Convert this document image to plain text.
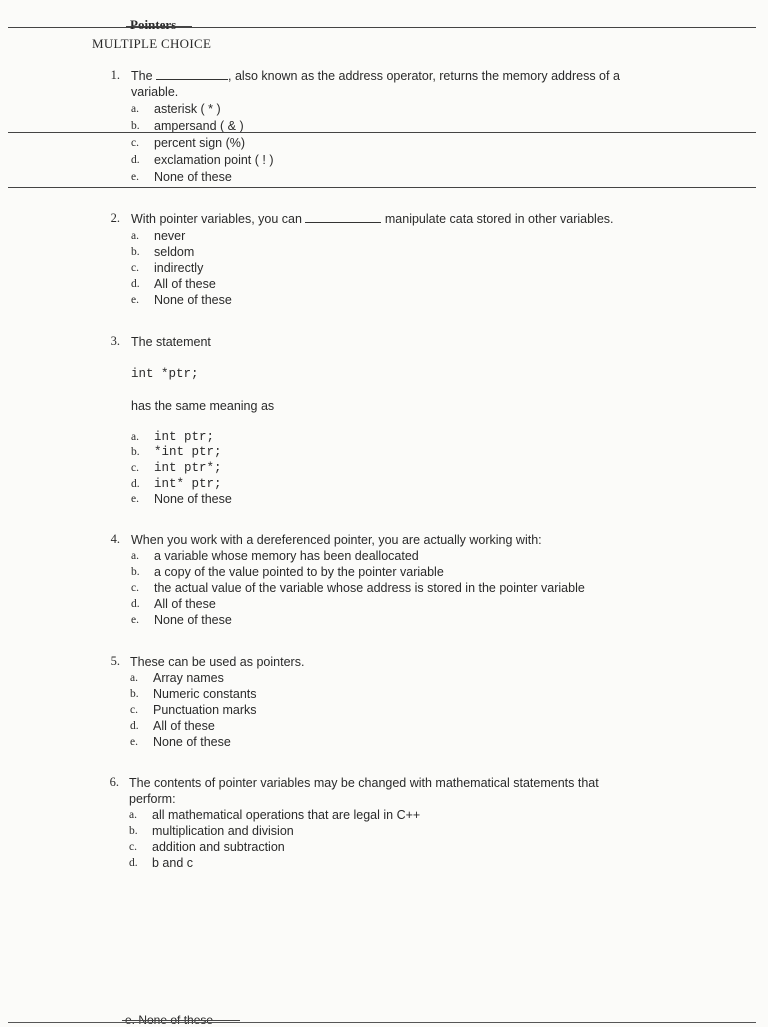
Pointers
MULTIPLE CHOICE
1. The	, also known as the address operator, returns the memory address of a
variable.
a.	asterisk ( * )
b.	ampersand ( & )
c.	percent sign (%)
d.	exclamation point ( ! )
e.	None of these
2. With pointer variables, you can	manipulate cata stored in other variables.
a.	never
b.	seldom
c.	indirectly
d.	All of these
e.	None of these
3. The statement
int *ptr;
has the same meaning as
a.	int ptr;
b.	*int ptr;
c.	int ptr*;
d.	int* ptr;
e.	None of these
4. When you work with a dereferenced pointer, you are actually working with:
a.	a variable whose memory has been deallocated
b.	a copy of the value pointed to by the pointer variable
c.	the actual value of the variable whose address is stored in the pointer variable
d.	All of these
e.	None of these
5. These can be used as pointers.
a.	Array names
b.	Numeric constants
c.	Punctuation marks
d.	All of these
e.	None of these
6. The contents of pointer variables may be changed with mathematical statements that
perform:
a.	all mathematical operations that are legal in C++
b.	multiplication and division
c.	addition and subtraction
d.	b and c
e. None of these
